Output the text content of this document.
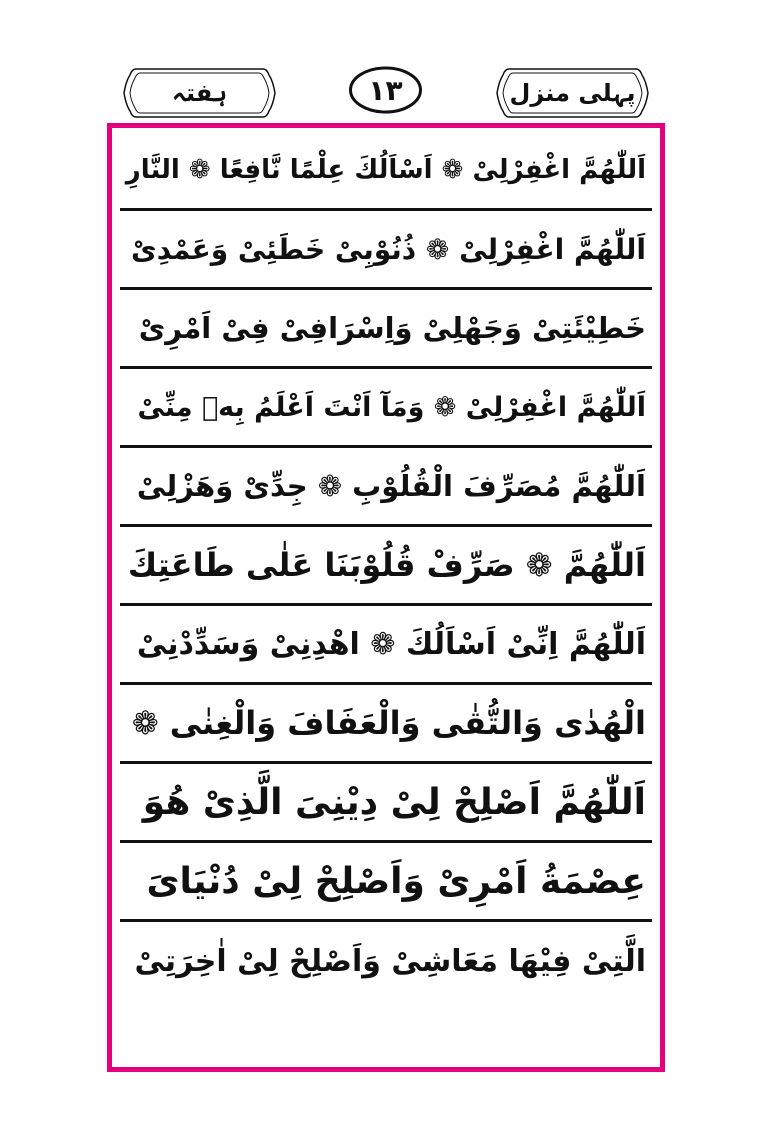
پہلی منزل
۱۳
ہفتہ
اَللّٰھُمَّ اغْفِرْلِیْ ❁ اَسْاَلُكَ عِلْمًا نَّافِعًا ❁ النَّارِ
اَللّٰھُمَّ اغْفِرْلِیْ ❁ ذُنُوْبِیْ خَطَئِیْ وَعَمْدِیْ
خَطِیْئَتِیْ وَجَهْلِیْ وَاِسْرَافِیْ فِیْ اَمْرِیْ
اَللّٰھُمَّ اغْفِرْلِیْ ❁ وَمَآ اَنْتَ اَعْلَمُ بِهٖ مِنِّیْ
اَللّٰھُمَّ مُصَرِّفَ الْقُلُوْبِ ❁ جِدِّیْ وَهَزْلِیْ
اَللّٰھُمَّ ❁ صَرِّفْ قُلُوْبَنَا عَلٰی طَاعَتِكَ
اَللّٰھُمَّ اِنِّیْ اَسْاَلُكَ ❁ اهْدِنِیْ وَسَدِّدْنِیْ
الْهُدٰی وَالتُّقٰی وَالْعَفَافَ وَالْغِنٰی ❁
اَللّٰھُمَّ اَصْلِحْ لِیْ دِیْنِیَ الَّذِیْ هُوَ
عِصْمَةُ اَمْرِیْ وَاَصْلِحْ لِیْ دُنْیَایَ
الَّتِیْ فِیْهَا مَعَاشِیْ وَاَصْلِحْ لِیْ اٰخِرَتِیْ
